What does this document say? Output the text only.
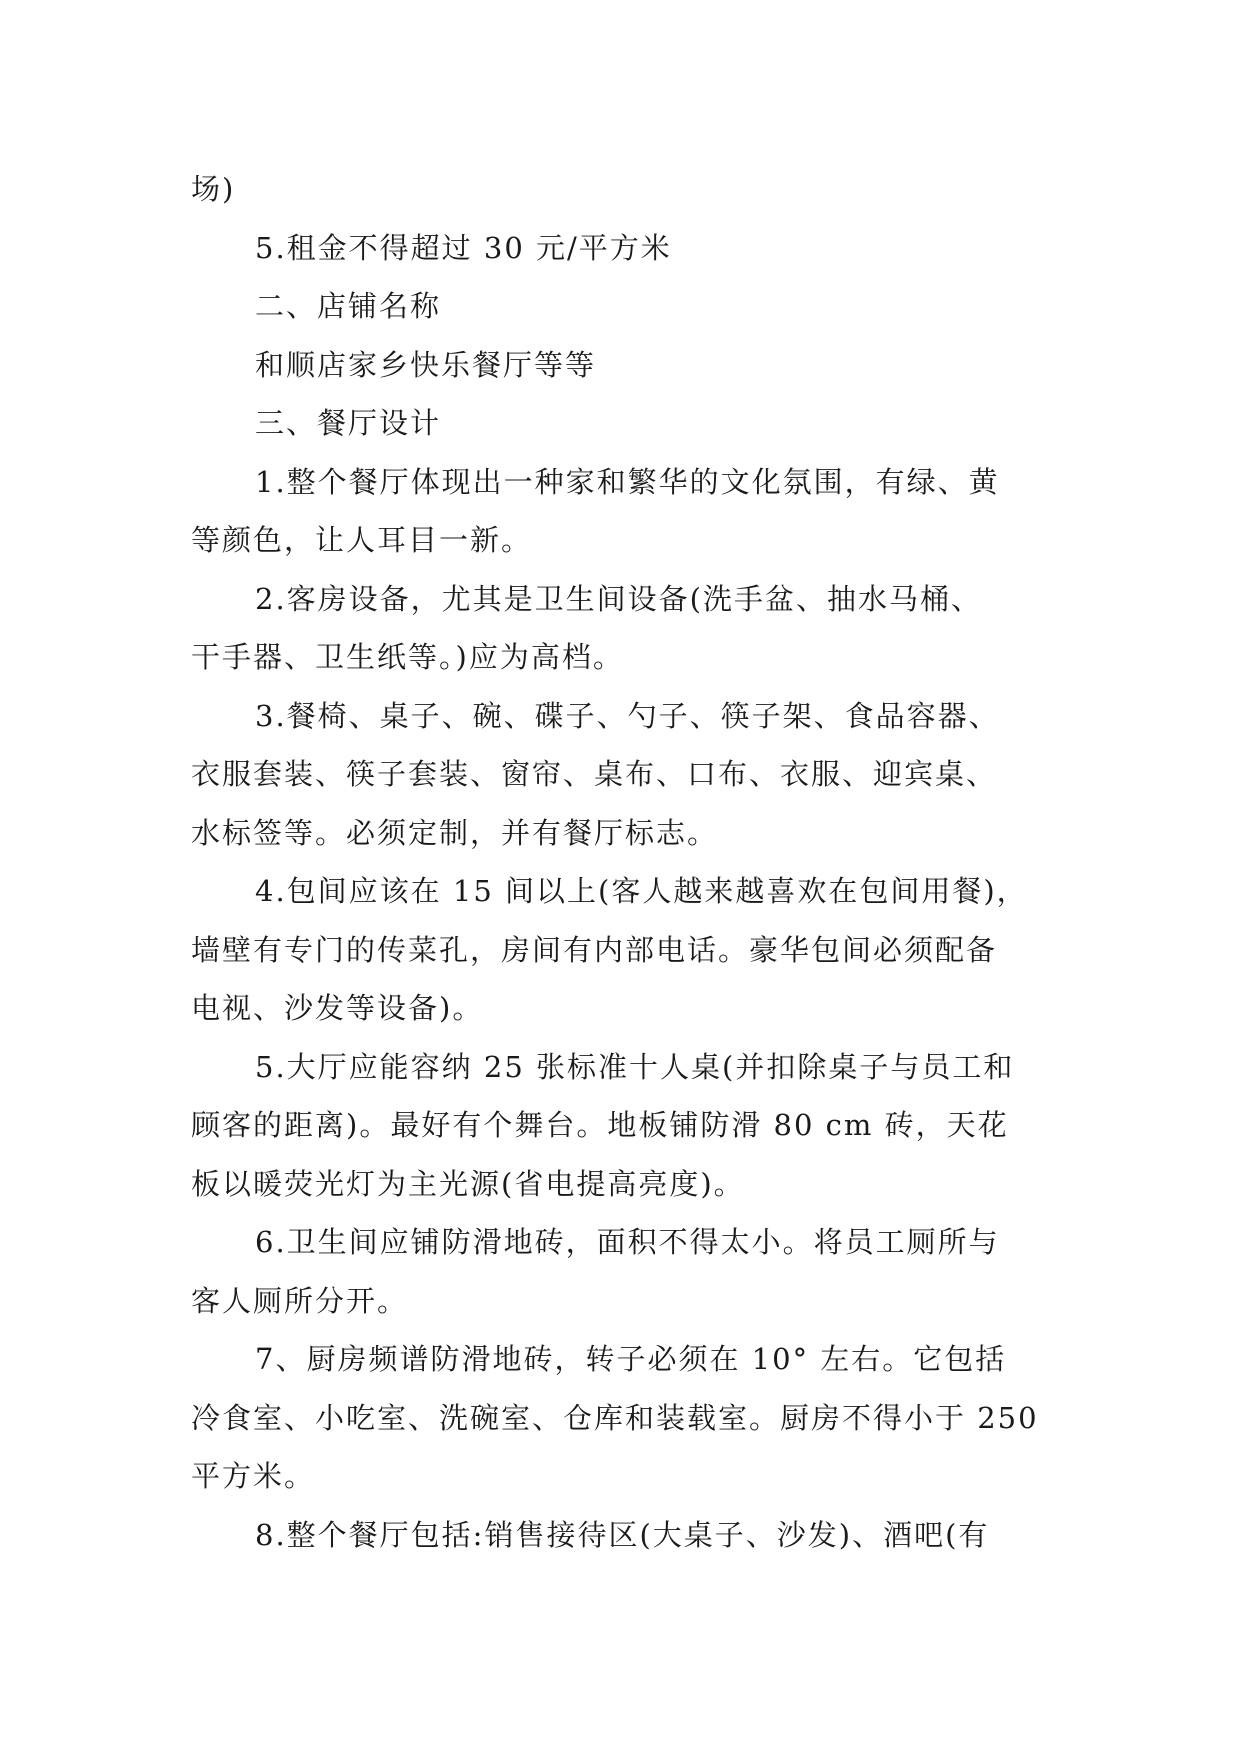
场)
5.租金不得超过 30 元/平方米
二、店铺名称
和顺店家乡快乐餐厅等等
三、餐厅设计
1.整个餐厅体现出一种家和繁华的文化氛围，有绿、黄
等颜色，让人耳目一新。
2.客房设备，尤其是卫生间设备(洗手盆、抽水马桶、
干手器、卫生纸等。)应为高档。
3.餐椅、桌子、碗、碟子、勺子、筷子架、食品容器、
衣服套装、筷子套装、窗帘、桌布、口布、衣服、迎宾桌、
水标签等。必须定制，并有餐厅标志。
4.包间应该在 15 间以上(客人越来越喜欢在包间用餐)，
墙壁有专门的传菜孔，房间有内部电话。豪华包间必须配备
电视、沙发等设备)。
5.大厅应能容纳 25 张标准十人桌(并扣除桌子与员工和
顾客的距离)。最好有个舞台。地板铺防滑 80 cm 砖，天花
板以暖荧光灯为主光源(省电提高亮度)。
6.卫生间应铺防滑地砖，面积不得太小。将员工厕所与
客人厕所分开。
7、厨房频谱防滑地砖，转子必须在 10° 左右。它包括
冷食室、小吃室、洗碗室、仓库和装载室。厨房不得小于 250
平方米。
8.整个餐厅包括:销售接待区(大桌子、沙发)、酒吧(有
